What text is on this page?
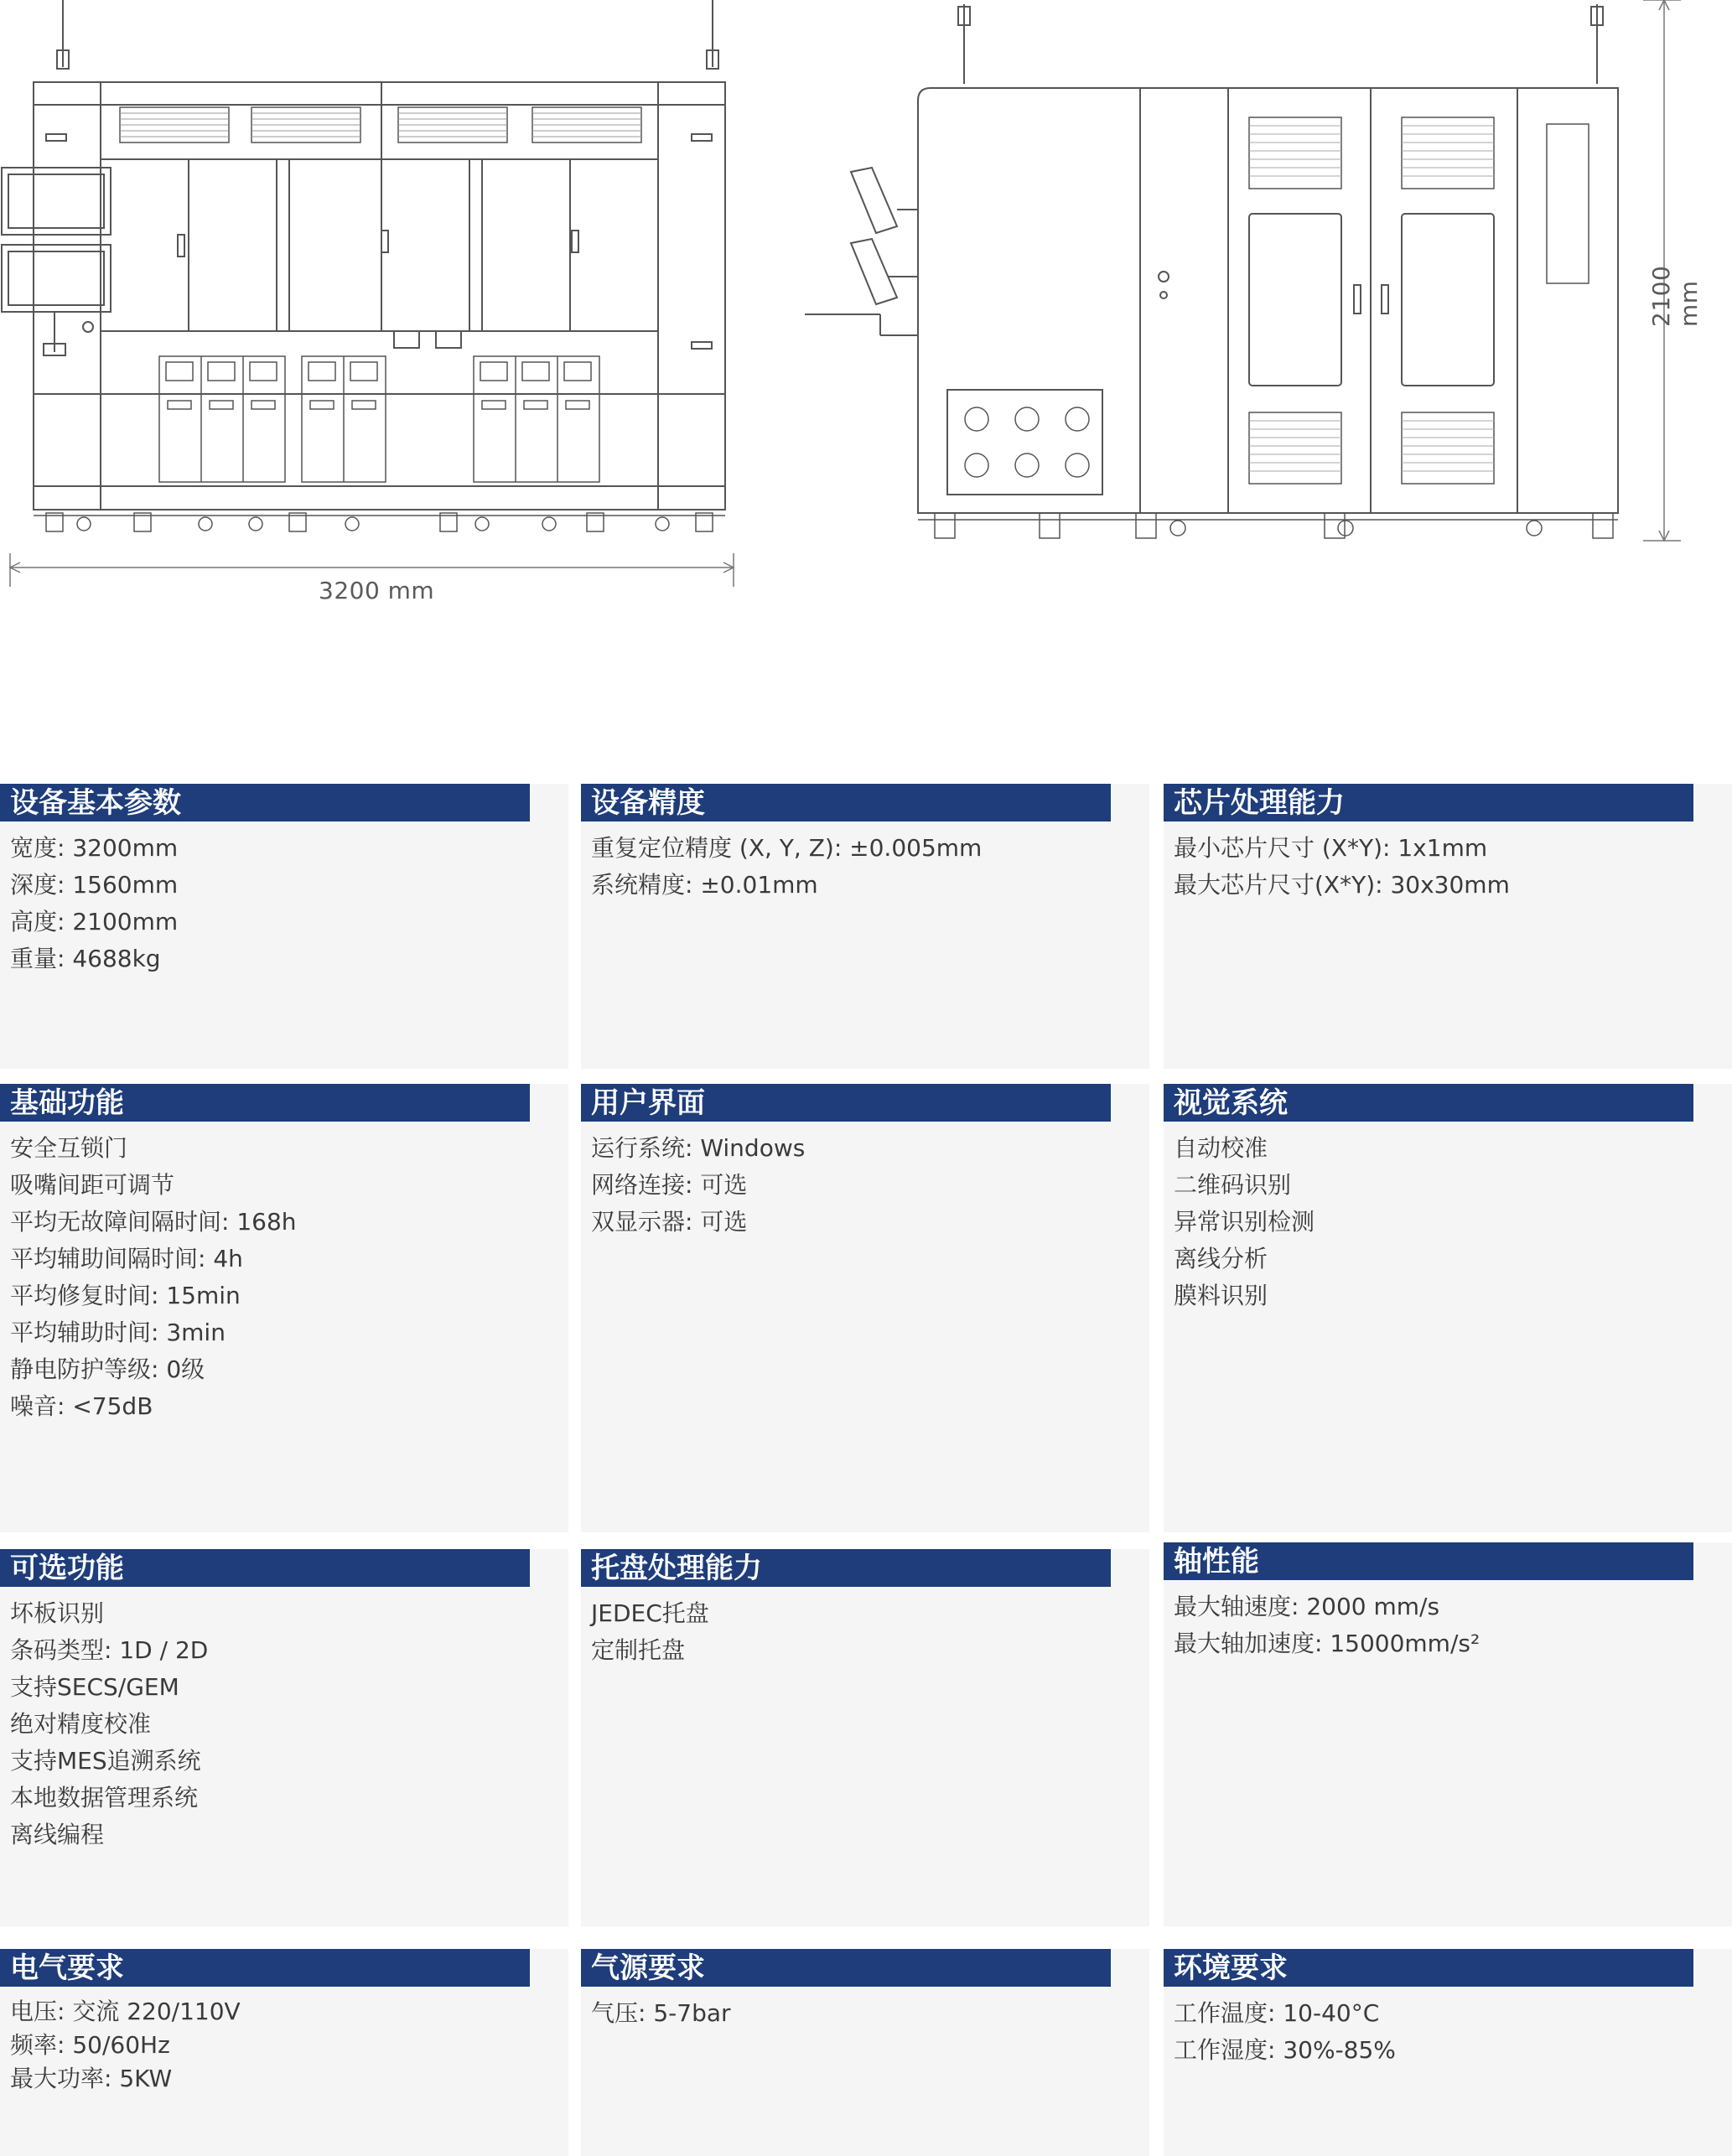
3200 mm
2100 mm
设备基本参数
宽度: 3200mm
深度: 1560mm
高度: 2100mm
重量: 4688kg
设备精度
重复定位精度 (X, Y, Z): ±0.005mm
系统精度: ±0.01mm
芯片处理能力
最小芯片尺寸 (X*Y): 1x1mm
最大芯片尺寸(X*Y): 30x30mm
基础功能
安全互锁门
吸嘴间距可调节
平均无故障间隔时间: 168h
平均辅助间隔时间: 4h
平均修复时间: 15min
平均辅助时间: 3min
静电防护等级: 0级
噪音: <75dB
用户界面
运行系统: Windows
网络连接: 可选
双显示器: 可选
视觉系统
自动校准
二维码识别
异常识别检测
离线分析
膜料识别
可选功能
坏板识别
条码类型: 1D / 2D
支持SECS/GEM
绝对精度校准
支持MES追溯系统
本地数据管理系统
离线编程
托盘处理能力
JEDEC托盘
定制托盘
轴性能
最大轴速度: 2000 mm/s
最大轴加速度: 15000mm/s²
电气要求
电压: 交流 220/110V
频率: 50/60Hz
最大功率: 5KW
气源要求
气压: 5-7bar
环境要求
工作温度: 10-40°C
工作湿度: 30%-85%
